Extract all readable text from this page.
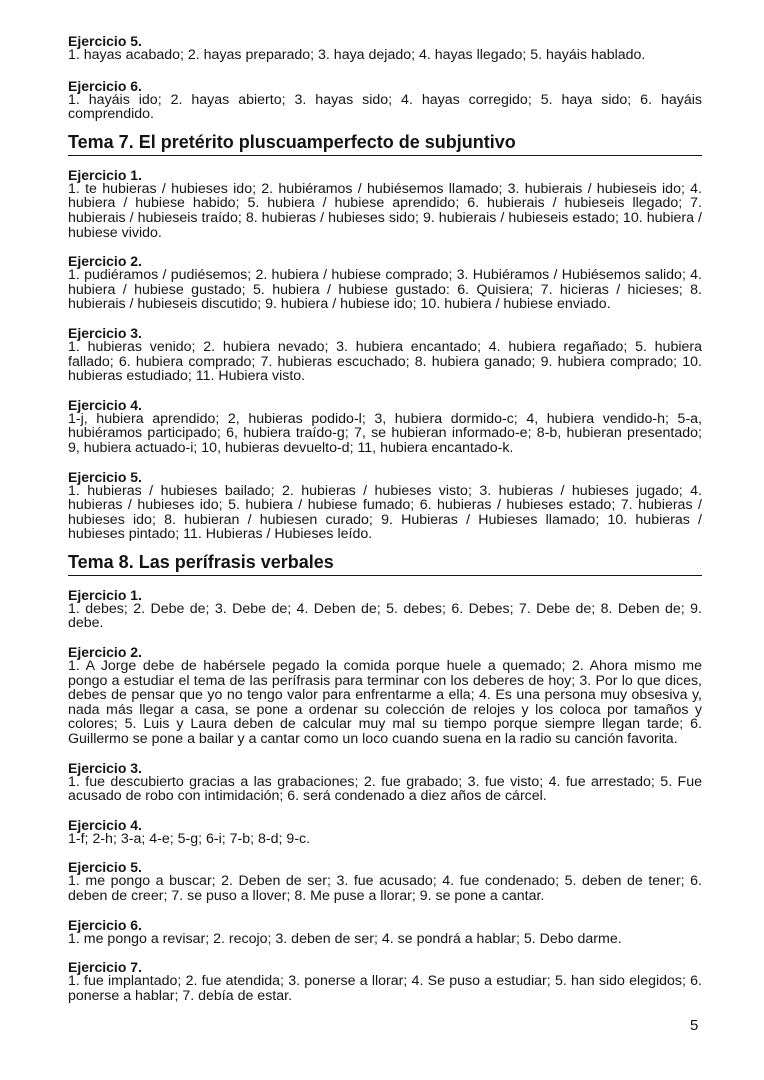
Ejercicio 5.

1. hayas acabado; 2. hayas preparado; 3. haya dejado; 4. hayas llegado; 5. hayáis hablado.

Ejercicio 6.

1. hayáis ido; 2. hayas abierto; 3. hayas sido; 4. hayas corregido; 5. haya sido; 6. hayáis comprendido.

Tema 7. El pretérito pluscuamperfecto de subjuntivo

Ejercicio 1.

1. te hubieras / hubieses ido; 2. hubiéramos / hubiésemos llamado; 3. hubierais / hubieseis ido; 4. hubiera / hubiese habido; 5. hubiera / hubiese aprendido; 6. hubierais / hubieseis llegado; 7. hubierais / hubieseis traído; 8. hubieras / hubieses sido; 9. hubierais / hubieseis estado; 10. hubiera / hubiese vivido.

Ejercicio 2.

1. pudiéramos / pudiésemos; 2. hubiera / hubiese comprado; 3. Hubiéramos / Hubiésemos salido; 4. hubiera / hubiese gustado; 5. hubiera / hubiese gustado: 6. Quisiera; 7. hicieras / hicieses; 8. hubierais / hubieseis discutido; 9. hubiera / hubiese ido; 10. hubiera / hubiese enviado.

Ejercicio 3.

1. hubieras venido; 2. hubiera nevado; 3. hubiera encantado; 4. hubiera regañado; 5. hubiera fallado; 6. hubiera comprado; 7. hubieras escuchado; 8. hubiera ganado; 9. hubiera comprado; 10. hubieras estudiado; 11. Hubiera visto.

Ejercicio 4.

1-j, hubiera aprendido; 2, hubieras podido-l; 3, hubiera dormido-c; 4, hubiera vendido-h; 5-a, hubiéramos participado; 6, hubiera traído-g; 7, se hubieran informado-e; 8-b, hubieran presentado; 9, hubiera actuado-i; 10, hubieras devuelto-d; 11, hubiera encantado-k.

Ejercicio 5.

1. hubieras / hubieses bailado; 2. hubieras / hubieses visto; 3. hubieras / hubieses jugado; 4. hubieras / hubieses ido; 5. hubiera / hubiese fumado; 6. hubieras / hubieses estado; 7. hubieras / hubieses ido; 8. hubieran / hubiesen curado; 9. Hubieras / Hubieses llamado; 10. hubieras / hubieses pintado; 11. Hubieras / Hubieses leído.

Tema 8. Las perífrasis verbales

Ejercicio 1.

1. debes; 2. Debe de; 3. Debe de; 4. Deben de; 5. debes; 6. Debes; 7. Debe de; 8. Deben de; 9. debe.

Ejercicio 2.

1. A Jorge debe de habérsele pegado la comida porque huele a quemado; 2. Ahora mismo me pongo a estudiar el tema de las perífrasis para terminar con los deberes de hoy; 3. Por lo que dices, debes de pensar que yo no tengo valor para enfrentarme a ella; 4. Es una persona muy obsesiva y, nada más llegar a casa, se pone a ordenar su colección de relojes y los coloca por tamaños y colores; 5. Luis y Laura deben de calcular muy mal su tiempo porque siempre llegan tarde; 6. Guillermo se pone a bailar y a cantar como un loco cuando suena en la radio su canción favorita.

Ejercicio 3.

1. fue descubierto gracias a las grabaciones; 2. fue grabado; 3. fue visto; 4. fue arrestado; 5. Fue acusado de robo con intimidación; 6. será condenado a diez años de cárcel.

Ejercicio 4.

1-f; 2-h; 3-a; 4-e; 5-g; 6-i; 7-b; 8-d; 9-c.

Ejercicio 5.

1. me pongo a buscar; 2. Deben de ser; 3. fue acusado; 4. fue condenado; 5. deben de tener; 6. deben de creer; 7. se puso a llover; 8. Me puse a llorar; 9. se pone a cantar.

Ejercicio 6.

1. me pongo a revisar; 2. recojo; 3. deben de ser; 4. se pondrá a hablar; 5. Debo darme.

Ejercicio 7.

1. fue implantado; 2. fue atendida; 3. ponerse a llorar; 4. Se puso a estudiar; 5. han sido elegidos; 6. ponerse a hablar; 7. debía de estar.

5
